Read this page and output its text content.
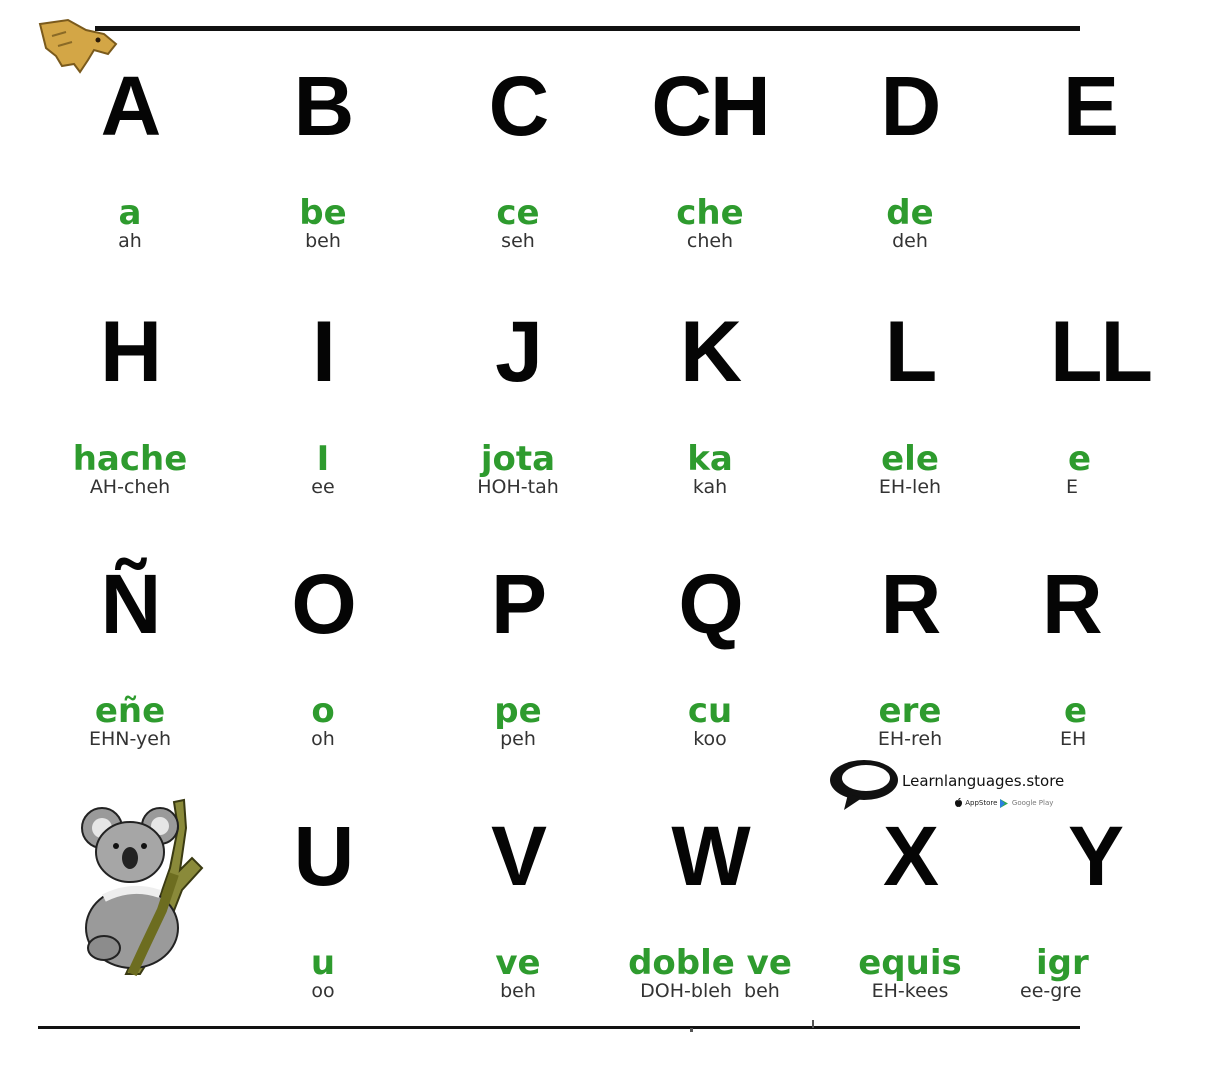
A
a
ah
B
be
beh
C
ce
seh
CH
che
cheh
D
de
deh
E
H
hache
AH-cheh
I
I
ee
J
jota
HOH-tah
K
ka
kah
L
ele
EH-leh
LL
e
E
Ñ
eñe
EHN-yeh
O
o
oh
P
pe
peh
Q
cu
koo
R
ere
EH-reh
R
e
EH
U
u
oo
V
ve
beh
W
doble ve
DOH-bleh  beh
X
equis
EH-kees
Y
igr
ee-gre
Learnlanguages.store
AppStore Google Play
